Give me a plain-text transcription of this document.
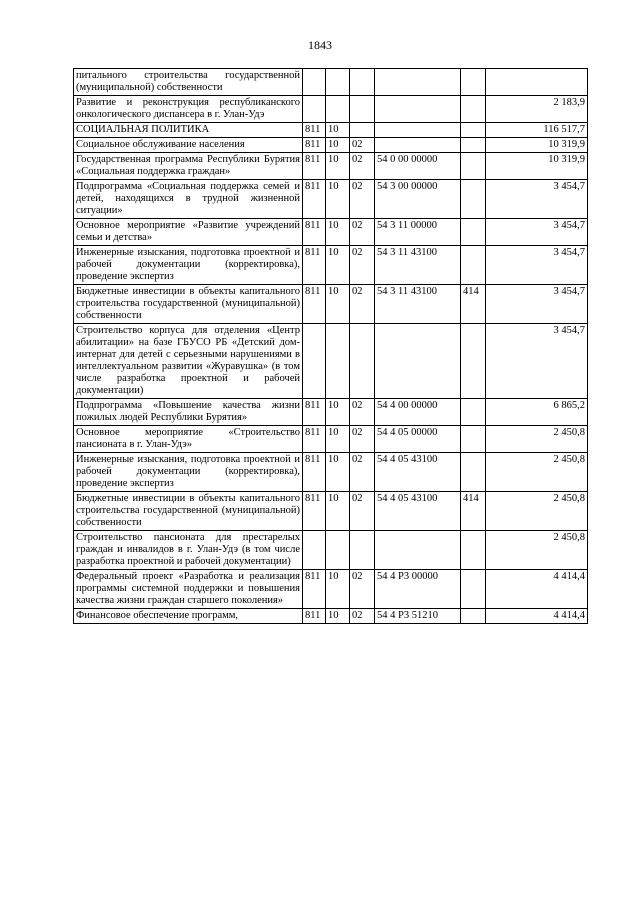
1843
питального строительства государственной (муниципальной) собственности						
Развитие и реконструкция республиканского онкологического диспансера в г. Улан-Удэ						2 183,9
СОЦИАЛЬНАЯ ПОЛИТИКА	811	10				116 517,7
Социальное обслуживание населения	811	10	02			10 319,9
Государственная программа Республики Бурятия «Социальная поддержка граждан»	811	10	02	54 0 00 00000		10 319,9
Подпрограмма «Социальная поддержка семей и детей, находящихся в трудной жизненной ситуации»	811	10	02	54 3 00 00000		3 454,7
Основное мероприятие «Развитие учреждений семьи и детства»	811	10	02	54 3 11 00000		3 454,7
Инженерные изыскания, подготовка проектной и рабочей документации (корректировка), проведение экспертиз	811	10	02	54 3 11 43100		3 454,7
Бюджетные инвестиции в объекты капитального строительства государственной (муниципальной) собственности	811	10	02	54 3 11 43100	414	3 454,7
Строительство корпуса для отделения «Центр абилитации» на базе ГБУСО РБ «Детский дом-интернат для детей с серьезными нарушениями в интеллектуальном развитии «Журавушка» (в том числе разработка проектной и рабочей документации)						3 454,7
Подпрограмма «Повышение качества жизни пожилых людей Республики Бурятия»	811	10	02	54 4 00 00000		6 865,2
Основное мероприятие «Строительство пансионата в г. Улан-Удэ»	811	10	02	54 4 05 00000		2 450,8
Инженерные изыскания, подготовка проектной и рабочей документации (корректировка), проведение экспертиз	811	10	02	54 4 05 43100		2 450,8
Бюджетные инвестиции в объекты капитального строительства государственной (муниципальной) собственности	811	10	02	54 4 05 43100	414	2 450,8
Строительство пансионата для престарелых граждан и инвалидов в г. Улан-Удэ (в том числе разработка проектной и рабочей документации)						2 450,8
Федеральный проект «Разработка и реализация программы системной поддержки и повышения качества жизни граждан старшего поколения»	811	10	02	54 4 P3 00000		4 414,4
Финансовое обеспечение программ,	811	10	02	54 4 P3 51210		4 414,4
